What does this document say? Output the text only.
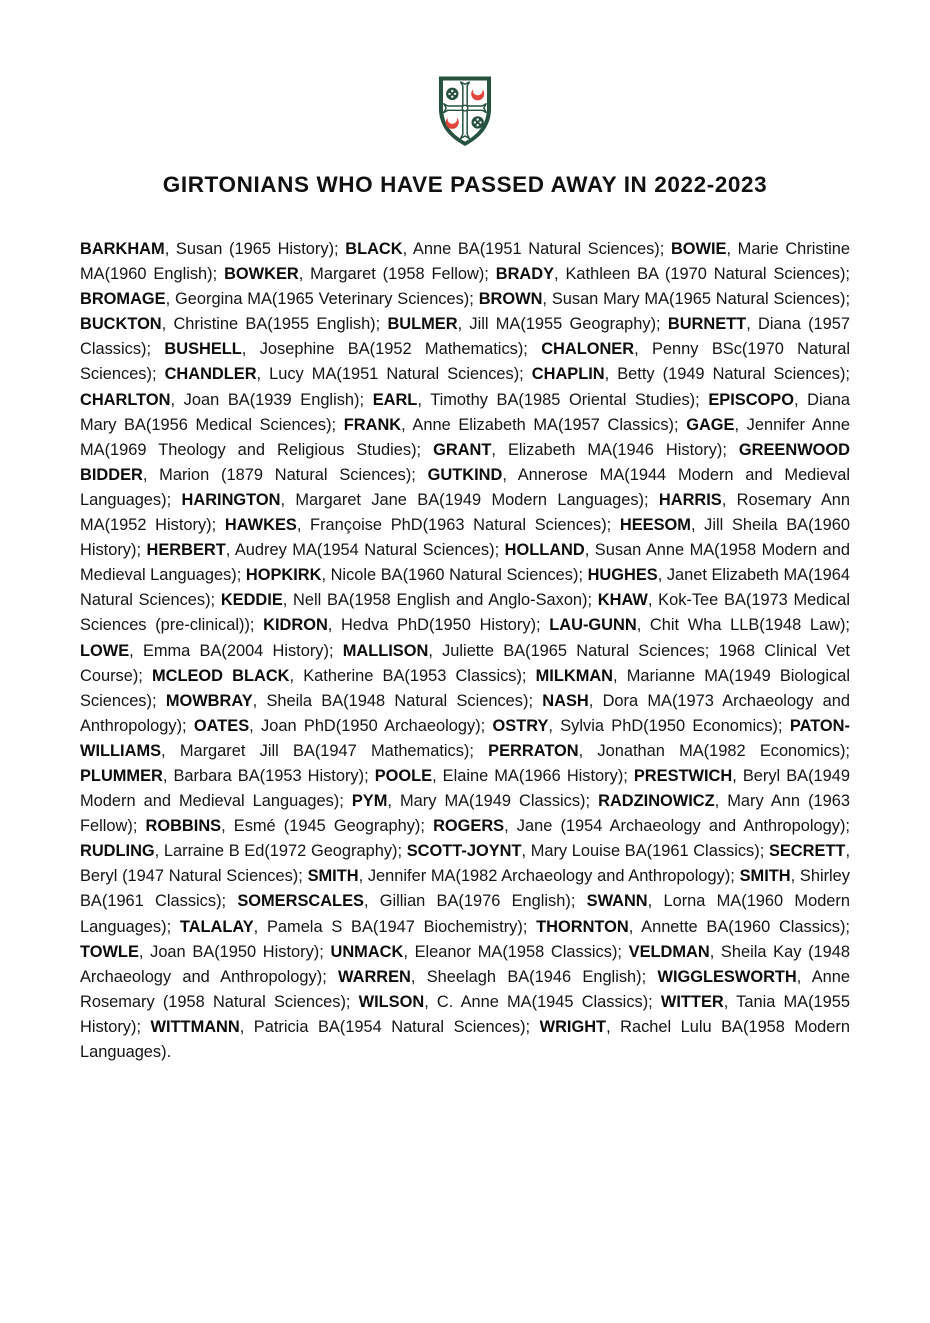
GIRTONIANS WHO HAVE PASSED AWAY IN 2022-2023

BARKHAM, Susan (1965 History); BLACK, Anne BA(1951 Natural Sciences); BOWIE, Marie Christine MA(1960 English); BOWKER, Margaret (1958 Fellow); BRADY, Kathleen BA (1970 Natural Sciences); BROMAGE, Georgina MA(1965 Veterinary Sciences); BROWN, Susan Mary MA(1965 Natural Sciences); BUCKTON, Christine BA(1955 English); BULMER, Jill MA(1955 Geography); BURNETT, Diana (1957 Classics); BUSHELL, Josephine BA(1952 Mathematics); CHALONER, Penny BSc(1970 Natural Sciences); CHANDLER, Lucy MA(1951 Natural Sciences); CHAPLIN, Betty (1949 Natural Sciences); CHARLTON, Joan BA(1939 English); EARL, Timothy BA(1985 Oriental Studies); EPISCOPO, Diana Mary BA(1956 Medical Sciences); FRANK, Anne Elizabeth MA(1957 Classics); GAGE, Jennifer Anne MA(1969 Theology and Religious Studies); GRANT, Elizabeth MA(1946 History); GREENWOOD BIDDER, Marion (1879 Natural Sciences); GUTKIND, Annerose MA(1944 Modern and Medieval Languages); HARINGTON, Margaret Jane BA(1949 Modern Languages); HARRIS, Rosemary Ann MA(1952 History); HAWKES, Françoise PhD(1963 Natural Sciences); HEESOM, Jill Sheila BA(1960 History); HERBERT, Audrey MA(1954 Natural Sciences); HOLLAND, Susan Anne MA(1958 Modern and Medieval Languages); HOPKIRK, Nicole BA(1960 Natural Sciences); HUGHES, Janet Elizabeth MA(1964 Natural Sciences); KEDDIE, Nell BA(1958 English and Anglo-Saxon); KHAW, Kok-Tee BA(1973 Medical Sciences (pre-clinical)); KIDRON, Hedva PhD(1950 History); LAU-GUNN, Chit Wha LLB(1948 Law); LOWE, Emma BA(2004 History); MALLISON, Juliette BA(1965 Natural Sciences; 1968 Clinical Vet Course); MCLEOD BLACK, Katherine BA(1953 Classics); MILKMAN, Marianne MA(1949 Biological Sciences); MOWBRAY, Sheila BA(1948 Natural Sciences); NASH, Dora MA(1973 Archaeology and Anthropology); OATES, Joan PhD(1950 Archaeology); OSTRY, Sylvia PhD(1950 Economics); PATON-WILLIAMS, Margaret Jill BA(1947 Mathematics); PERRATON, Jonathan MA(1982 Economics); PLUMMER, Barbara BA(1953 History); POOLE, Elaine MA(1966 History); PRESTWICH, Beryl BA(1949 Modern and Medieval Languages); PYM, Mary MA(1949 Classics); RADZINOWICZ, Mary Ann (1963 Fellow); ROBBINS, Esmé (1945 Geography); ROGERS, Jane (1954 Archaeology and Anthropology); RUDLING, Larraine B Ed(1972 Geography); SCOTT-JOYNT, Mary Louise BA(1961 Classics); SECRETT, Beryl (1947 Natural Sciences); SMITH, Jennifer MA(1982 Archaeology and Anthropology); SMITH, Shirley BA(1961 Classics); SOMERSCALES, Gillian BA(1976 English); SWANN, Lorna MA(1960 Modern Languages); TALALAY, Pamela S BA(1947 Biochemistry); THORNTON, Annette BA(1960 Classics); TOWLE, Joan BA(1950 History); UNMACK, Eleanor MA(1958 Classics); VELDMAN, Sheila Kay (1948 Archaeology and Anthropology); WARREN, Sheelagh BA(1946 English); WIGGLESWORTH, Anne Rosemary (1958 Natural Sciences); WILSON, C. Anne MA(1945 Classics); WITTER, Tania MA(1955 History); WITTMANN, Patricia BA(1954 Natural Sciences); WRIGHT, Rachel Lulu BA(1958 Modern Languages).
